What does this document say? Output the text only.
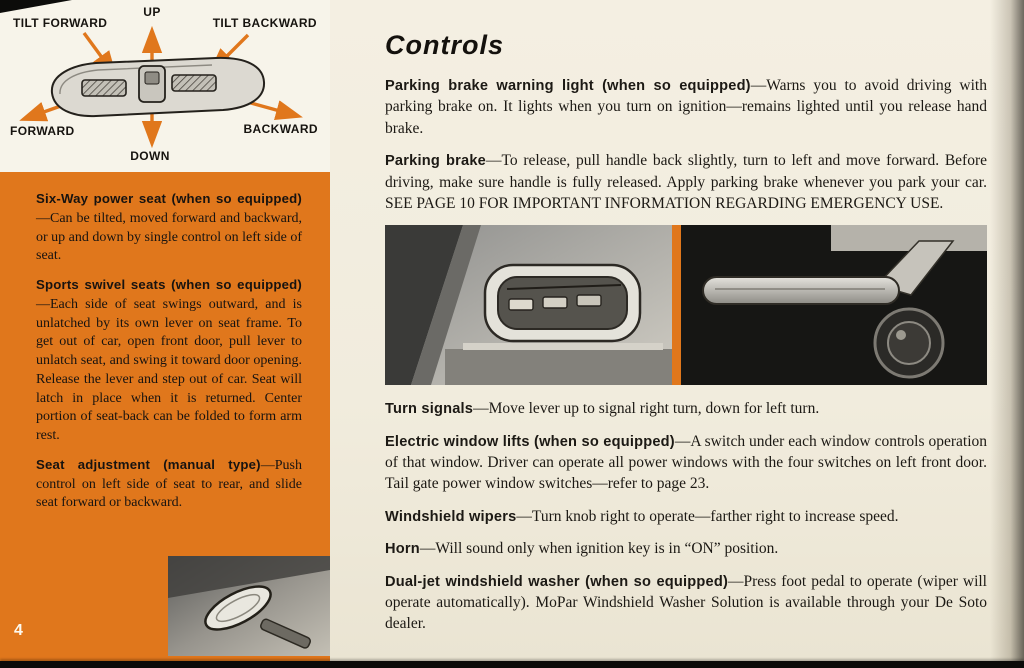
TILT FORWARD
UP
TILT BACKWARD
FORWARD
DOWN
BACKWARD

Six-Way power seat (when so equipped)—Can be tilted, moved forward and backward, or up and down by single control on left side of seat.

Sports swivel seats (when so equipped)—Each side of seat swings outward, and is unlatched by its own lever on seat frame. To get out of car, open front door, pull lever to unlatch seat, and swing it toward door opening. Release the lever and step out of car. Seat will latch in place when it is returned. Center portion of seat-back can be folded to form arm rest.

Seat adjustment (manual type)—Push control on left side of seat to rear, and slide seat forward or backward.

4
Controls

Parking brake warning light (when so equipped)—Warns you to avoid driving with parking brake on. It lights when you turn on ignition—remains lighted until you release hand brake.

Parking brake—To release, pull handle back slightly, turn to left and move forward. Before driving, make sure handle is fully released. Apply parking brake whenever you park your car. SEE PAGE 10 FOR IMPORTANT INFORMATION REGARDING EMERGENCY USE.

Turn signals—Move lever up to signal right turn, down for left turn.

Electric window lifts (when so equipped)—A switch under each window controls operation of that window. Driver can operate all power windows with the four switches on left front door. Tail gate power window switches—refer to page 23.

Windshield wipers—Turn knob right to operate—farther right to increase speed.

Horn—Will sound only when ignition key is in “ON” position.

Dual-jet windshield washer (when so equipped)—Press foot pedal to operate (wiper will operate automatically). MoPar Windshield Washer Solution is available through your De Soto dealer.
